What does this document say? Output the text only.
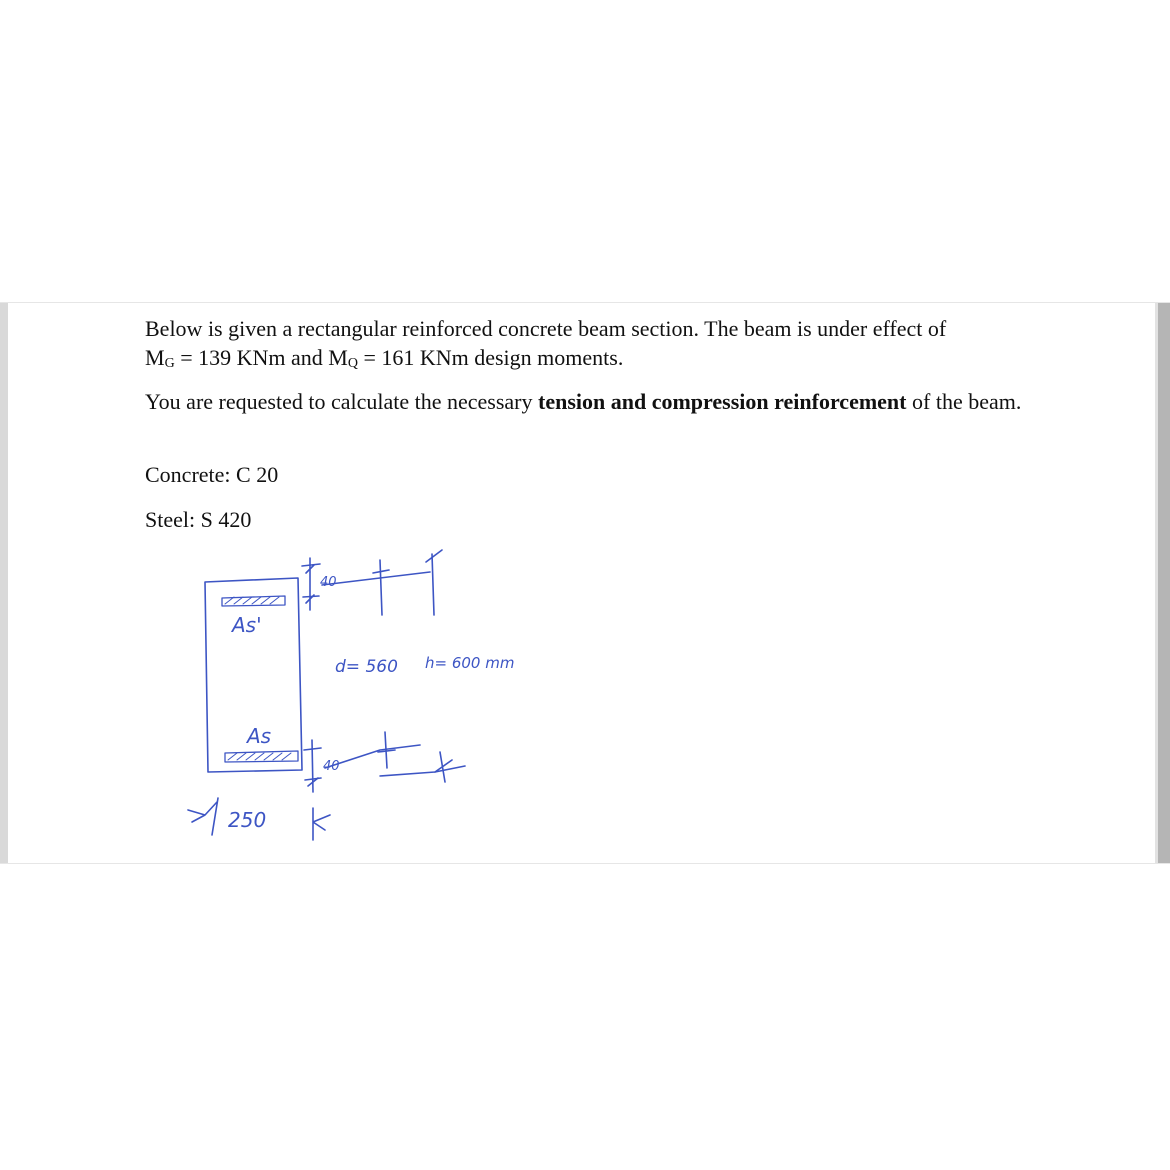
Below is given a rectangular reinforced concrete beam section. The beam is under effect of
MG = 139 KNm and MQ = 161 KNm design moments.
You are requested to calculate the necessary tension and compression reinforcement of the beam.
Concrete: C 20
Steel: S 420
40
As'
d= 560 h= 600 mm
As
40
250
